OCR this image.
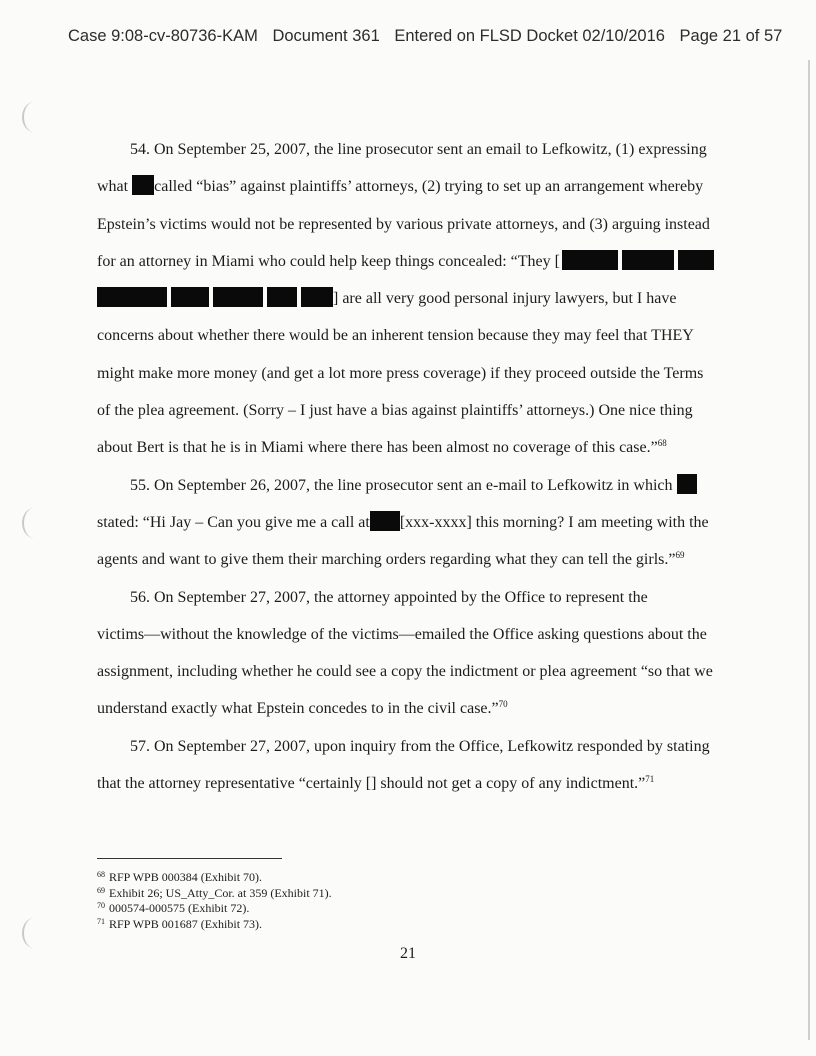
Case 9:08-cv-80736-KAM Document 361 Entered on FLSD Docket 02/10/2016 Page 21 of 57
54. On September 25, 2007, the line prosecutor sent an email to Lefkowitz, (1) expressing
what called “bias” against plaintiffs’ attorneys, (2) trying to set up an arrangement whereby
Epstein’s victims would not be represented by various private attorneys, and (3) arguing instead
for an attorney in Miami who could help keep things concealed: “They [
] are all very good personal injury lawyers, but I have
concerns about whether there would be an inherent tension because they may feel that THEY
might make more money (and get a lot more press coverage) if they proceed outside the Terms
of the plea agreement. (Sorry – I just have a bias against plaintiffs’ attorneys.) One nice thing
about Bert is that he is in Miami where there has been almost no coverage of this case.”$^{68}$
55. On September 26, 2007, the line prosecutor sent an e-mail to Lefkowitz in which
stated: “Hi Jay – Can you give me a call at [xxx-xxxx] this morning? I am meeting with the
agents and want to give them their marching orders regarding what they can tell the girls.”$^{69}$
56. On September 27, 2007, the attorney appointed by the Office to represent the
victims—without the knowledge of the victims—emailed the Office asking questions about the
assignment, including whether he could see a copy the indictment or plea agreement “so that we
understand exactly what Epstein concedes to in the civil case.”$^{70}$
57. On September 27, 2007, upon inquiry from the Office, Lefkowitz responded by stating
that the attorney representative “certainly [] should not get a copy of any indictment.”$^{71}$
$^{68}$ RFP WPB 000384 (Exhibit 70).
$^{69}$ Exhibit 26; US_Atty_Cor. at 359 (Exhibit 71).
$^{70}$ 000574-000575 (Exhibit 72).
$^{71}$ RFP WPB 001687 (Exhibit 73).
21
